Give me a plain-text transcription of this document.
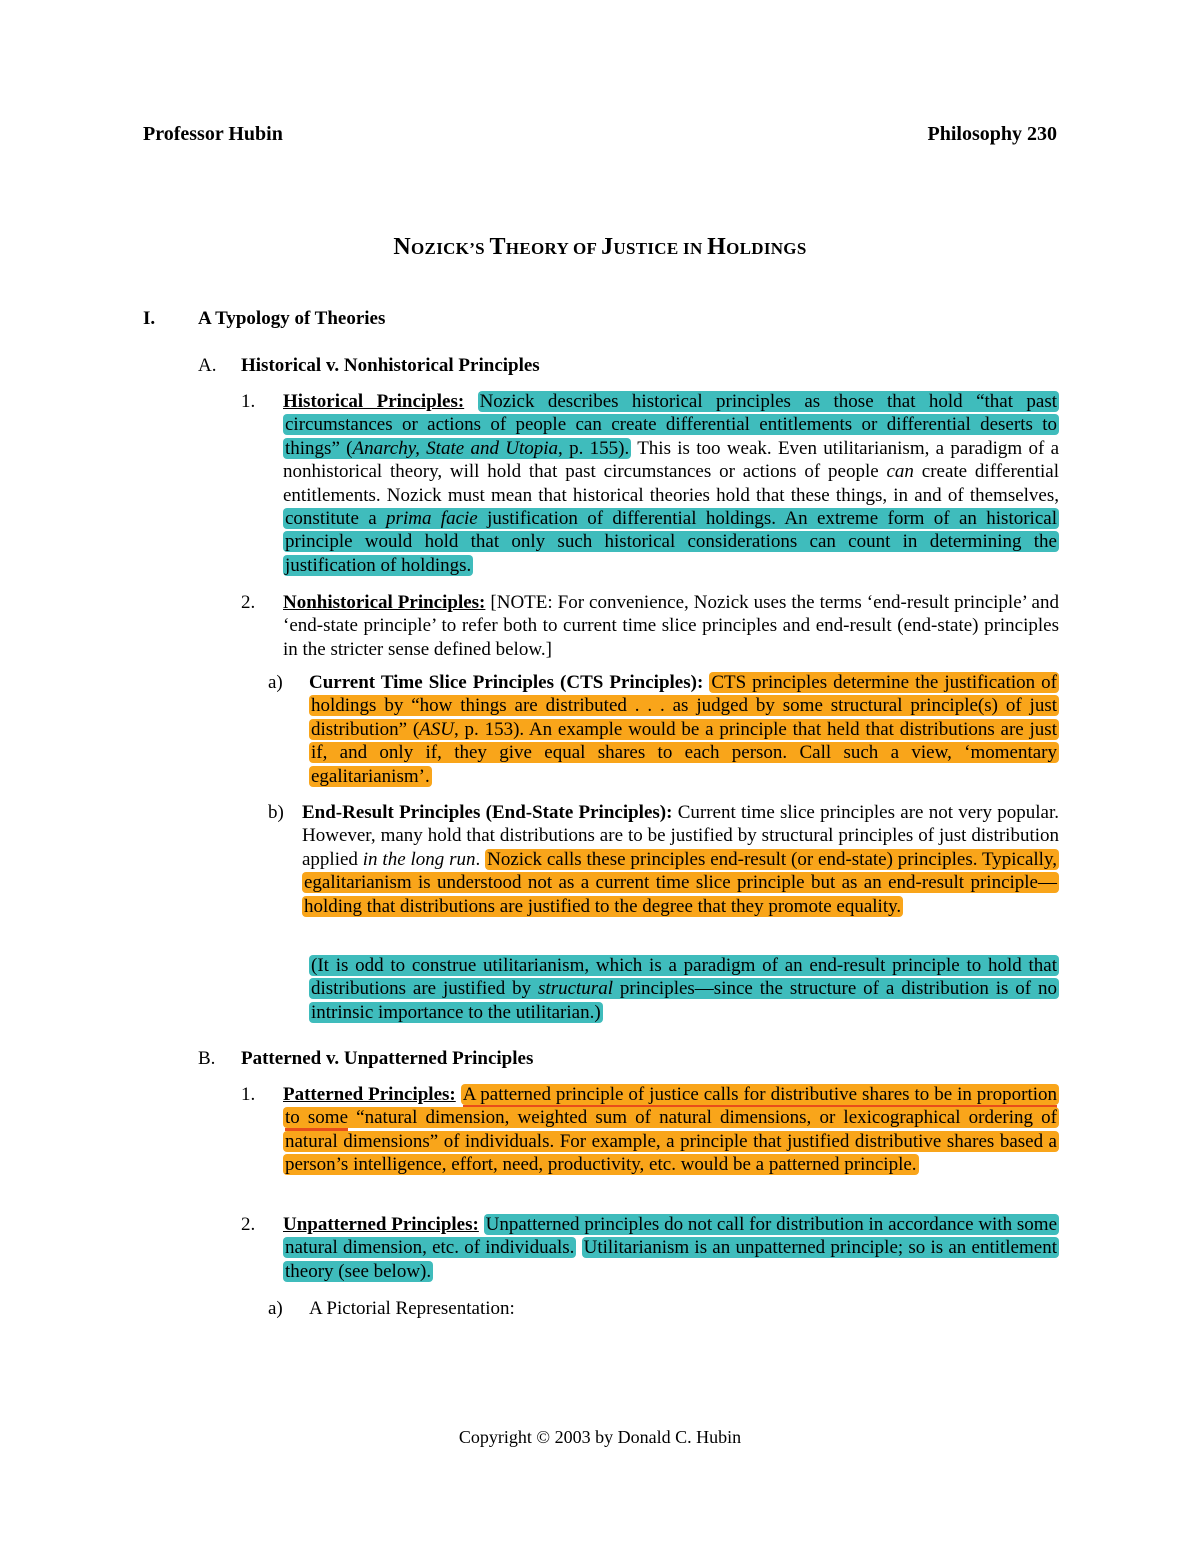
Professor Hubin	Philosophy 230
NOZICK’S THEORY OF JUSTICE IN HOLDINGS
I. A Typology of Theories
A. Historical v. Nonhistorical Principles
1. Historical Principles: Nozick describes historical principles as those that hold “that past circumstances or actions of people can create differential entitlements or differential deserts to things” (Anarchy, State and Utopia, p. 155). This is too weak. Even utilitarianism, a paradigm of a nonhistorical theory, will hold that past circumstances or actions of people can create differential entitlements. Nozick must mean that historical theories hold that these things, in and of themselves, constitute a prima facie justification of differential holdings. An extreme form of an historical principle would hold that only such historical considerations can count in determining the justification of holdings.
2. Nonhistorical Principles: [NOTE: For convenience, Nozick uses the terms ‘end-result principle’ and ‘end-state principle’ to refer both to current time slice principles and end-result (end-state) principles in the stricter sense defined below.]
a) Current Time Slice Principles (CTS Principles): CTS principles determine the justification of holdings by “how things are distributed . . . as judged by some structural principle(s) of just distribution” (ASU, p. 153). An example would be a principle that held that distributions are just if, and only if, they give equal shares to each person. Call such a view, ‘momentary egalitarianism’.
b) End-Result Principles (End-State Principles): Current time slice principles are not very popular. However, many hold that distributions are to be justified by structural principles of just distribution applied in the long run. Nozick calls these principles end-result (or end-state) principles. Typically, egalitarianism is understood not as a current time slice principle but as an end-result principle—holding that distributions are justified to the degree that they promote equality.
(It is odd to construe utilitarianism, which is a paradigm of an end-result principle to hold that distributions are justified by structural principles—since the structure of a distribution is of no intrinsic importance to the utilitarian.)
B. Patterned v. Unpatterned Principles
1. Patterned Principles: A patterned principle of justice calls for distributive shares to be in proportion to some “natural dimension, weighted sum of natural dimensions, or lexicographical ordering of natural dimensions” of individuals. For example, a principle that justified distributive shares based a person’s intelligence, effort, need, productivity, etc. would be a patterned principle.
2. Unpatterned Principles: Unpatterned principles do not call for distribution in accordance with some natural dimension, etc. of individuals. Utilitarianism is an unpatterned principle; so is an entitlement theory (see below).
a) A Pictorial Representation:
Copyright © 2003 by Donald C. Hubin
